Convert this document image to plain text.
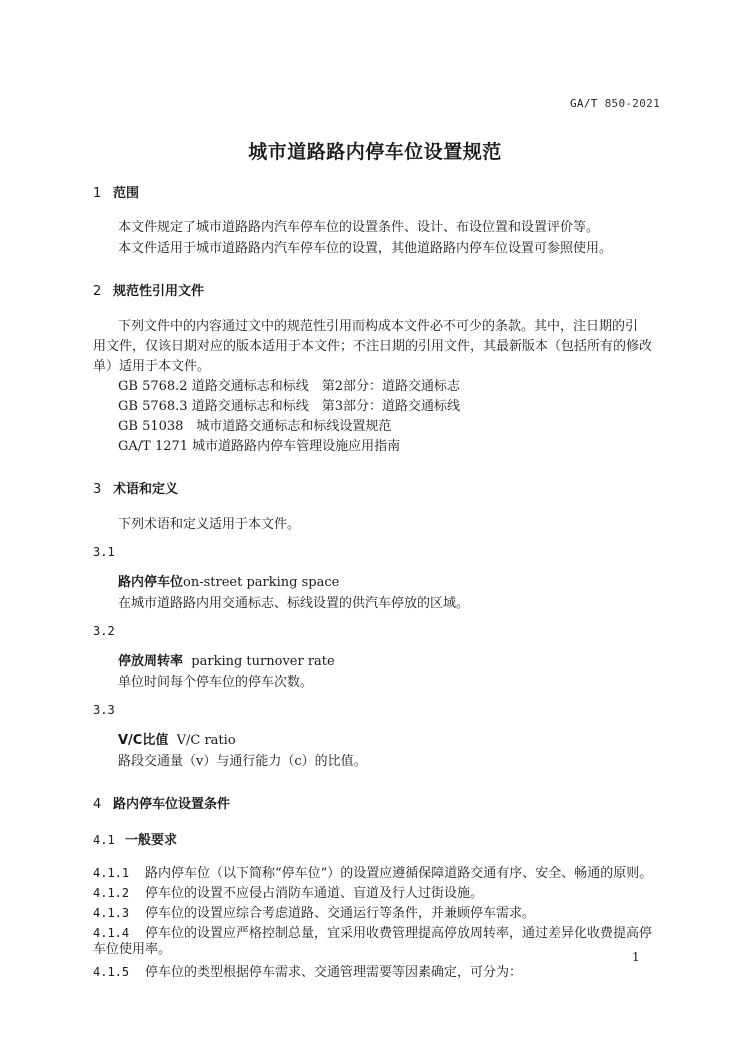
GA/T 850-2021
城市道路路内停车位设置规范
1 范围
本文件规定了城市道路路内汽车停车位的设置条件、设计、布设位置和设置评价等。
本文件适用于城市道路路内汽车停车位的设置，其他道路路内停车位设置可参照使用。
2 规范性引用文件
下列文件中的内容通过文中的规范性引用而构成本文件必不可少的条款。其中，注日期的引
用文件，仅该日期对应的版本适用于本文件；不注日期的引用文件，其最新版本（包括所有的修改
单）适用于本文件。
GB 5768.2 道路交通标志和标线　第2部分：道路交通标志
GB 5768.3 道路交通标志和标线　第3部分：道路交通标线
GB 51038　城市道路交通标志和标线设置规范
GA/T 1271 城市道路路内停车管理设施应用指南
3 术语和定义
下列术语和定义适用于本文件。
3.1
路内停车位on-street parking space
在城市道路路内用交通标志、标线设置的供汽车停放的区域。
3.2
停放周转率 parking turnover rate
单位时间每个停车位的停车次数。
3.3
V/C比值 V/C ratio
路段交通量（v）与通行能力（c）的比值。
4 路内停车位设置条件
4.1 一般要求
4.1.1 路内停车位（以下简称“停车位”）的设置应遵循保障道路交通有序、安全、畅通的原则。
4.1.2 停车位的设置不应侵占消防车通道、盲道及行人过街设施。
4.1.3 停车位的设置应综合考虑道路、交通运行等条件，并兼顾停车需求。
4.1.4 停车位的设置应严格控制总量，宜采用收费管理提高停放周转率，通过差异化收费提高停
车位使用率。
4.1.5 停车位的类型根据停车需求、交通管理需要等因素确定，可分为：
1
